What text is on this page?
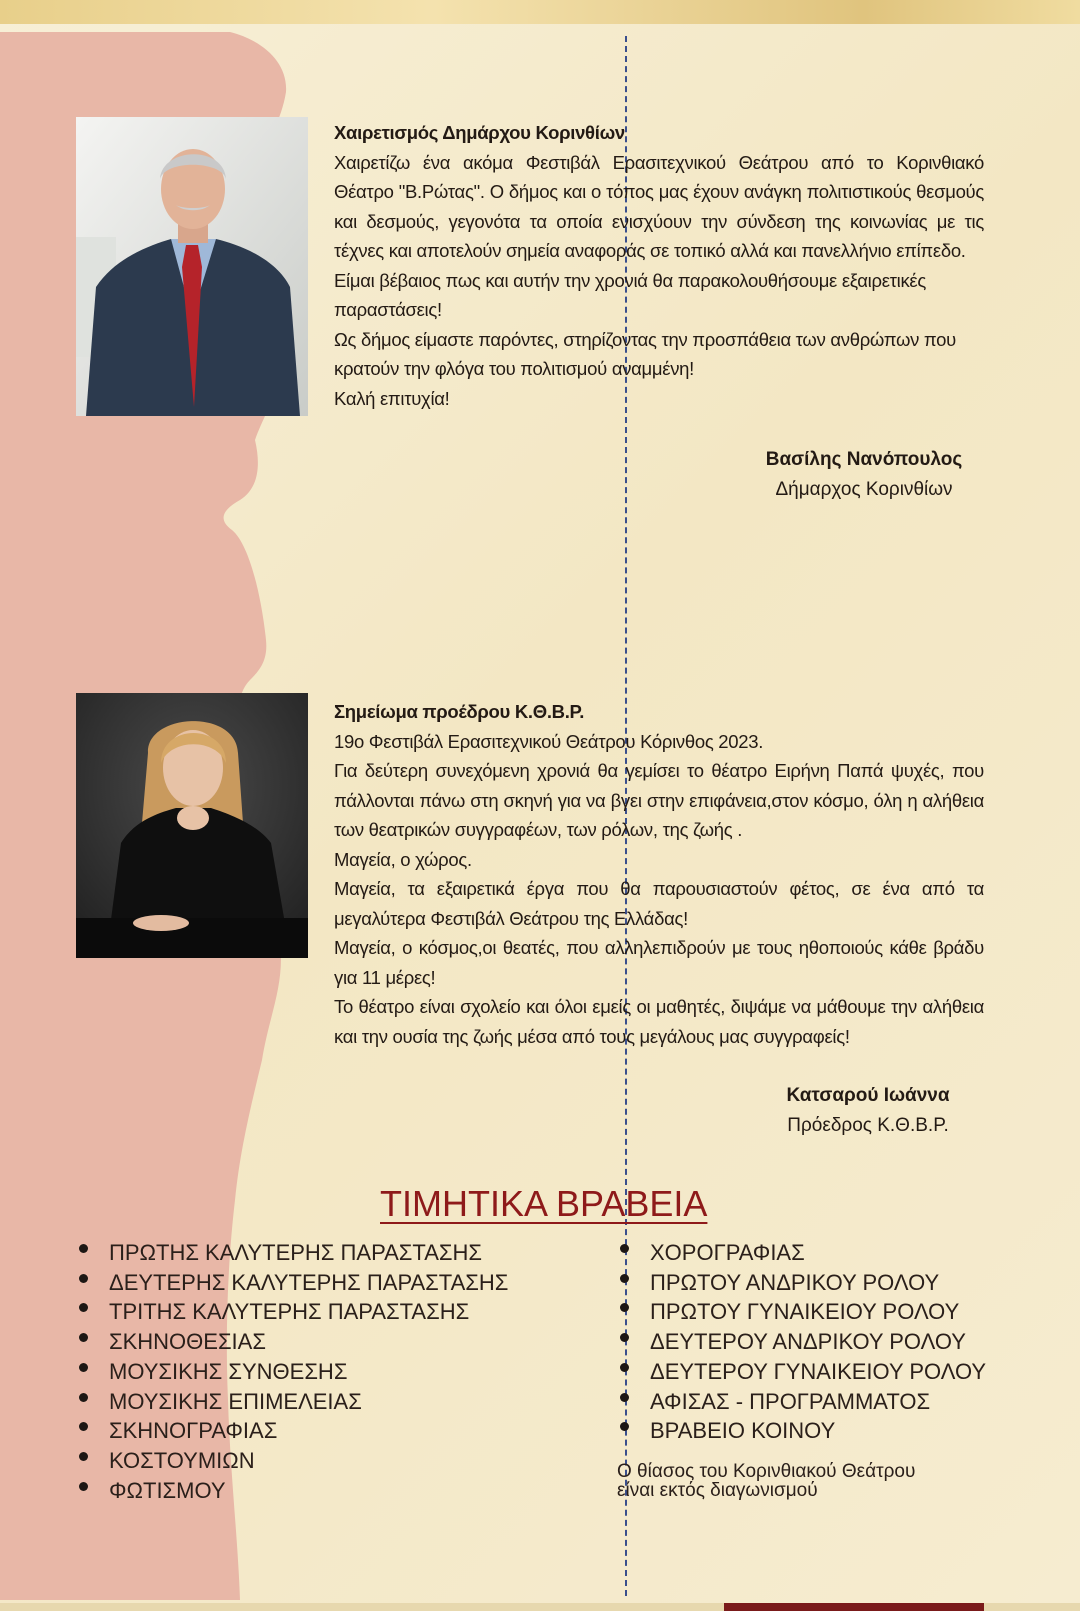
Χαιρετισμός Δημάρχου Κορινθίων

Χαιρετίζω ένα ακόμα Φεστιβάλ Ερασιτεχνικού Θεάτρου από το Κορινθιακό Θέατρο "Β.Ρώτας". Ο δήμος και ο τόπος μας έχουν ανάγκη πολιτιστικούς θεσμούς και δεσμούς, γεγονότα τα οποία ενισχύουν την σύνδεση της κοινωνίας με τις τέχνες και αποτελούν σημεία αναφοράς σε τοπικό αλλά και πανελλήνιο επίπεδο.

Είμαι βέβαιος πως και αυτήν την χρονιά θα παρακολουθήσουμε εξαιρετικές παραστάσεις!

Ως δήμος είμαστε παρόντες, στηρίζοντας την προσπάθεια των ανθρώπων που κρατούν την φλόγα του πολιτισμού αναμμένη!

Καλή επιτυχία!

Βασίλης Νανόπουλος
Δήμαρχος Κορινθίων
Σημείωμα προέδρου Κ.Θ.Β.Ρ.

19ο Φεστιβάλ Ερασιτεχνικού Θεάτρου Κόρινθος 2023.

Για δεύτερη συνεχόμενη χρονιά θα γεμίσει το θέατρο Ειρήνη Παπά ψυχές, που πάλλονται πάνω στη σκηνή για να βγει στην επιφάνεια,στον κόσμο, όλη η αλήθεια των θεατρικών συγγραφέων, των ρόλων, της ζωής .

Μαγεία, ο χώρος.

Μαγεία, τα εξαιρετικά έργα που θα παρουσιαστούν φέτος, σε ένα από τα μεγαλύτερα Φεστιβάλ Θεάτρου της Ελλάδας!

Μαγεία, ο κόσμος,οι θεατές, που αλληλεπιδρούν με τους ηθοποιούς κάθε βράδυ για 11 μέρες!

Το θέατρο είναι σχολείο και όλοι εμείς οι μαθητές, διψάμε να μάθουμε την αλήθεια και την ουσία της ζωής μέσα από τους μεγάλους μας συγγραφείς!

Κατσαρού Ιωάννα
Πρόεδρος Κ.Θ.Β.Ρ.
ΤΙΜΗΤΙΚΑ ΒΡΑΒΕΙΑ
ΠΡΩΤΗΣ ΚΑΛΥΤΕΡΗΣ ΠΑΡΑΣΤΑΣΗΣ
ΔΕΥΤΕΡΗΣ ΚΑΛΥΤΕΡΗΣ ΠΑΡΑΣΤΑΣΗΣ
ΤΡΙΤΗΣ ΚΑΛΥΤΕΡΗΣ ΠΑΡΑΣΤΑΣΗΣ
ΣΚΗΝΟΘΕΣΙΑΣ
ΜΟΥΣΙΚΗΣ ΣΥΝΘΕΣΗΣ
ΜΟΥΣΙΚΗΣ ΕΠΙΜΕΛΕΙΑΣ
ΣΚΗΝΟΓΡΑΦΙΑΣ
ΚΟΣΤΟΥΜΙΩΝ
ΦΩΤΙΣΜΟΥ
ΧΟΡΟΓΡΑΦΙΑΣ
ΠΡΩΤΟΥ ΑΝΔΡΙΚΟΥ ΡΟΛΟΥ
ΠΡΩΤΟΥ ΓΥΝΑΙΚΕΙΟΥ ΡΟΛΟΥ
ΔΕΥΤΕΡΟΥ ΑΝΔΡΙΚΟΥ ΡΟΛΟΥ
ΔΕΥΤΕΡΟΥ ΓΥΝΑΙΚΕΙΟΥ ΡΟΛΟΥ
ΑΦΙΣΑΣ - ΠΡΟΓΡΑΜΜΑΤΟΣ
ΒΡΑΒΕΙΟ ΚΟΙΝΟΥ
Ο θίασος του Κορινθιακού Θεάτρου
είναι εκτός διαγωνισμού
